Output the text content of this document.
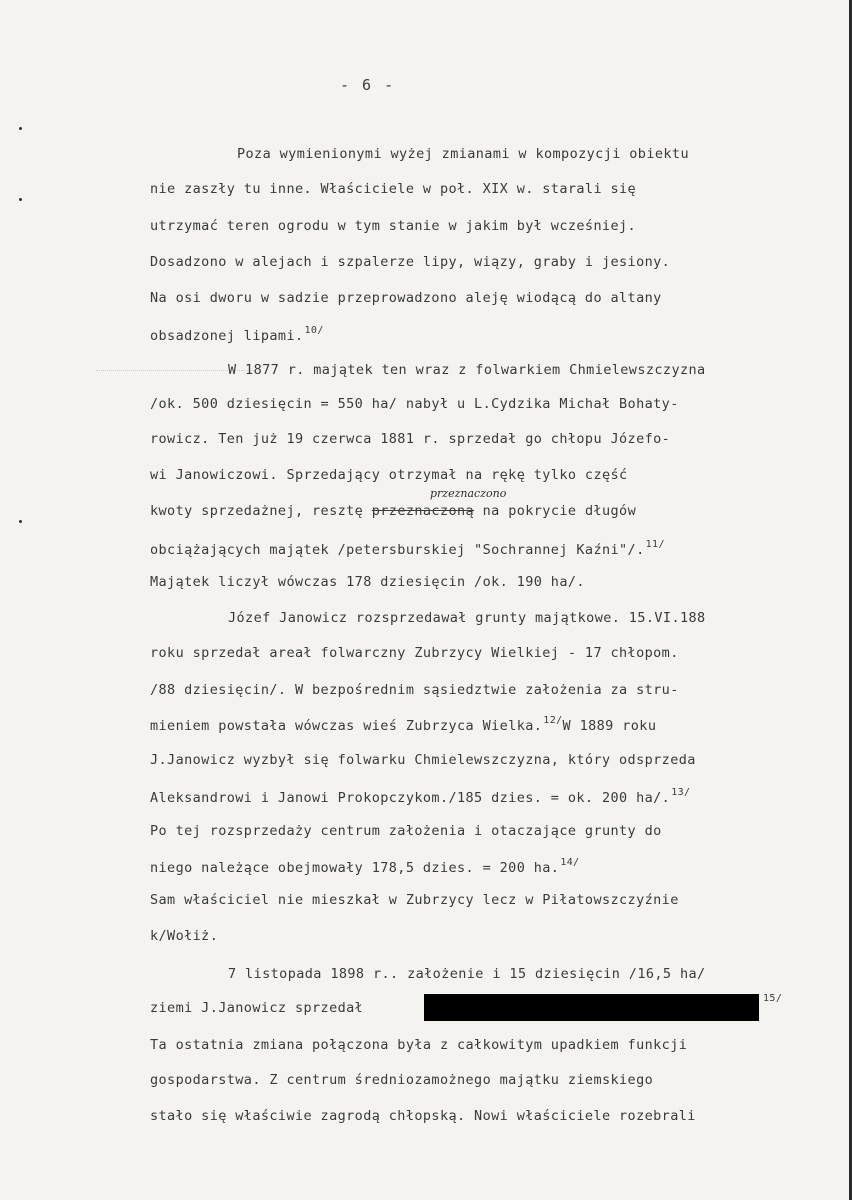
- 6 -
Poza wymienionymi wyżej zmianami w kompozycji obiektu
nie zaszły tu inne. Właściciele w poł. XIX w. starali się
utrzymać teren ogrodu w tym stanie w jakim był wcześniej.
Dosadzono w alejach i szpalerze lipy, wiązy, graby i jesiony.
Na osi dworu w sadzie przeprowadzono aleję wiodącą do altany
obsadzonej lipami.$^{10/}$
W 1877 r. majątek ten wraz z folwarkiem Chmielewszczyzna
/ok. 500 dziesięcin = 550 ha/ nabył u L.Cydzika Michał Bohaty-
rowicz. Ten już 19 czerwca 1881 r. sprzedał go chłopu Józefo-
wi Janowiczowi. Sprzedający otrzymał na rękę tylko część
przeznaczono
kwoty sprzedażnej, resztę przeznaczoną na pokrycie długów
obciążających majątek /petersburskiej "Sochrannej Kaźni"/.$^{11/}$
Majątek liczył wówczas 178 dziesięcin /ok. 190 ha/.
Józef Janowicz rozsprzedawał grunty majątkowe. 15.VI.188
roku sprzedał areał folwarczny Zubrzycy Wielkiej - 17 chłopom.
/88 dziesięcin/. W bezpośrednim sąsiedztwie założenia za stru-
mieniem powstała wówczas wieś Zubrzyca Wielka.$^{12/}$W 1889 roku
J.Janowicz wyzbył się folwarku Chmielewszczyzna, który odsprzeda
Aleksandrowi i Janowi Prokopczykom./185 dzies. = ok. 200 ha/.$^{13/}$
Po tej rozsprzedaży centrum założenia i otaczające grunty do
niego należące obejmowały 178,5 dzies. = 200 ha.$^{14/}$
Sam właściciel nie mieszkał w Zubrzycy lecz w Piłatowszczyźnie
k/Wołiż.
7 listopada 1898 r.. założenie i 15 dziesięcin /16,5 ha/
ziemi J.Janowicz sprzedał
$^{15/}$
Ta ostatnia zmiana połączona była z całkowitym upadkiem funkcji
gospodarstwa. Z centrum średniozamożnego majątku ziemskiego
stało się właściwie zagrodą chłopską. Nowi właściciele rozebrali
